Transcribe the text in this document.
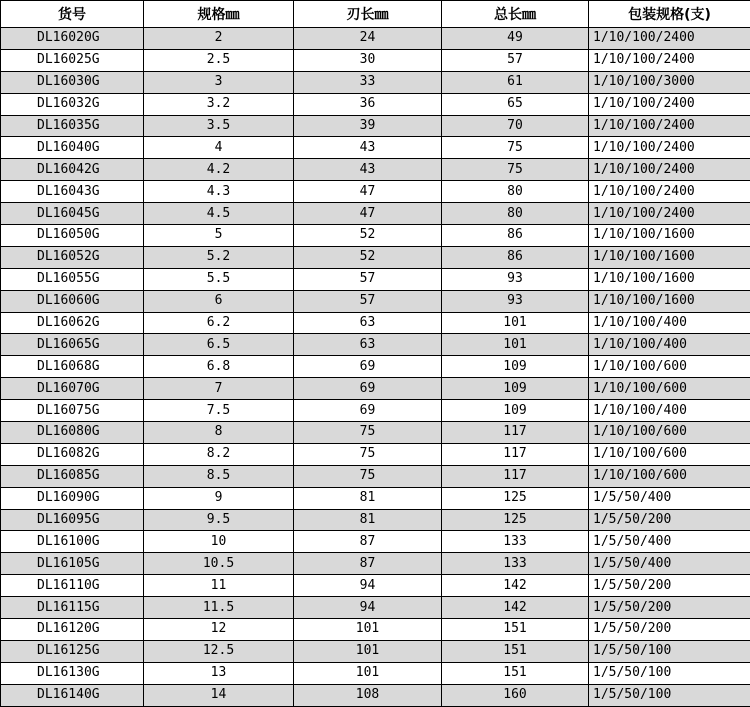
货号	规格㎜	刃长㎜	总长㎜	包装规格(支)
DL16020G	2	24	49	1/10/100/2400
DL16025G	2.5	30	57	1/10/100/2400
DL16030G	3	33	61	1/10/100/3000
DL16032G	3.2	36	65	1/10/100/2400
DL16035G	3.5	39	70	1/10/100/2400
DL16040G	4	43	75	1/10/100/2400
DL16042G	4.2	43	75	1/10/100/2400
DL16043G	4.3	47	80	1/10/100/2400
DL16045G	4.5	47	80	1/10/100/2400
DL16050G	5	52	86	1/10/100/1600
DL16052G	5.2	52	86	1/10/100/1600
DL16055G	5.5	57	93	1/10/100/1600
DL16060G	6	57	93	1/10/100/1600
DL16062G	6.2	63	101	1/10/100/400
DL16065G	6.5	63	101	1/10/100/400
DL16068G	6.8	69	109	1/10/100/600
DL16070G	7	69	109	1/10/100/600
DL16075G	7.5	69	109	1/10/100/400
DL16080G	8	75	117	1/10/100/600
DL16082G	8.2	75	117	1/10/100/600
DL16085G	8.5	75	117	1/10/100/600
DL16090G	9	81	125	1/5/50/400
DL16095G	9.5	81	125	1/5/50/200
DL16100G	10	87	133	1/5/50/400
DL16105G	10.5	87	133	1/5/50/400
DL16110G	11	94	142	1/5/50/200
DL16115G	11.5	94	142	1/5/50/200
DL16120G	12	101	151	1/5/50/200
DL16125G	12.5	101	151	1/5/50/100
DL16130G	13	101	151	1/5/50/100
DL16140G	14	108	160	1/5/50/100
